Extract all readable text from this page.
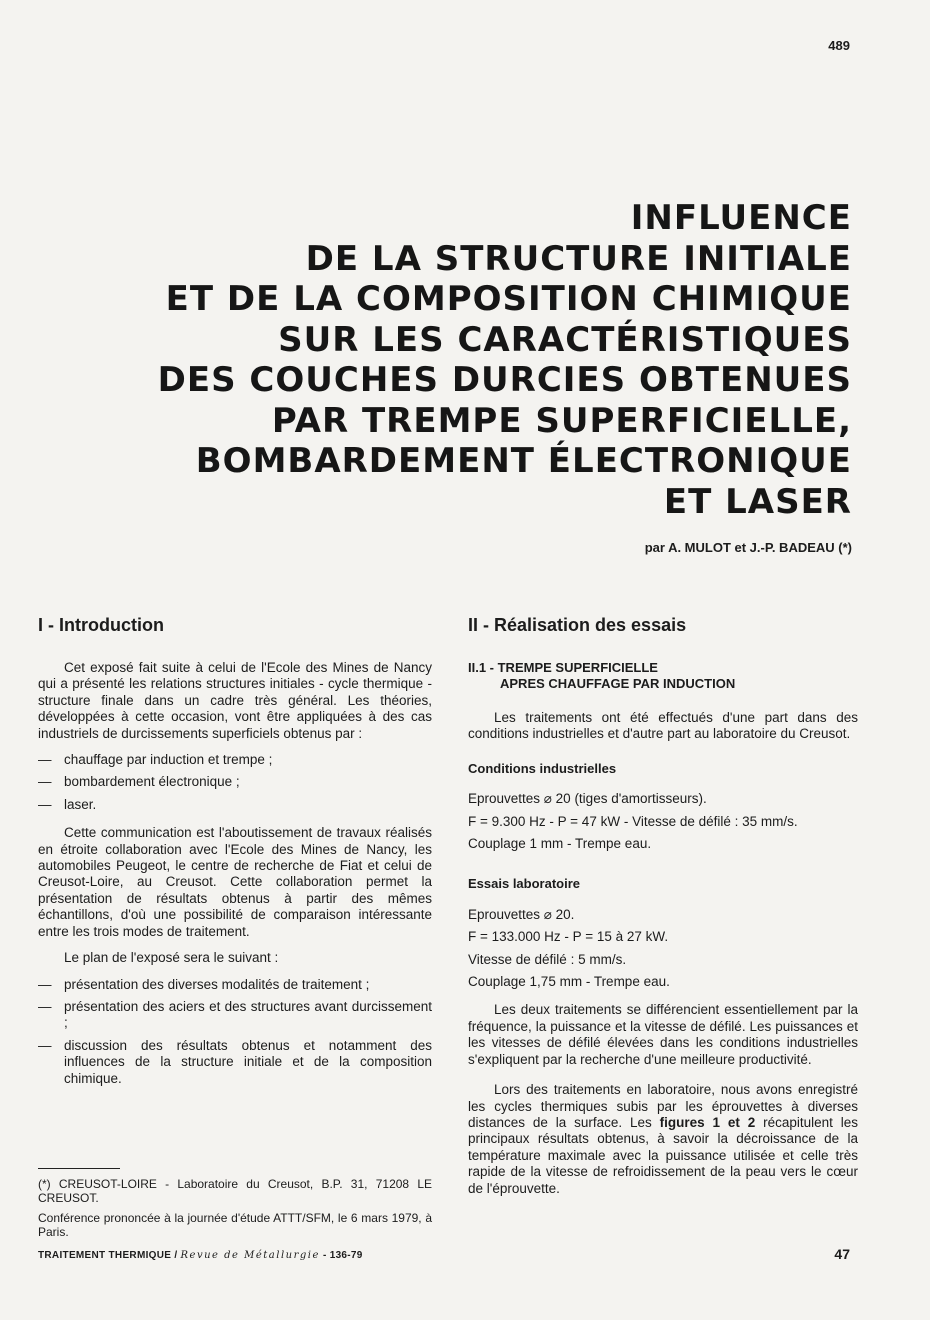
489
INFLUENCE
DE LA STRUCTURE INITIALE
ET DE LA COMPOSITION CHIMIQUE
SUR LES CARACTÉRISTIQUES
DES COUCHES DURCIES OBTENUES
PAR TREMPE SUPERFICIELLE,
BOMBARDEMENT ÉLECTRONIQUE
ET LASER
par A. MULOT et J.-P. BADEAU (*)
I - Introduction

Cet exposé fait suite à celui de l'Ecole des Mines de Nancy qui a présenté les relations structures initiales - cycle thermique - structure finale dans un cadre très général. Les théories, développées à cette occasion, vont être appliquées à des cas industriels de durcissements superficiels obtenus par :

— chauffage par induction et trempe ;
— bombardement électronique ;
— laser.

Cette communication est l'aboutissement de travaux réalisés en étroite collaboration avec l'Ecole des Mines de Nancy, les automobiles Peugeot, le centre de recherche de Fiat et celui de Creusot-Loire, au Creusot. Cette collaboration permet la présentation de résultats obtenus à partir des mêmes échantillons, d'où une possibilité de comparaison intéressante entre les trois modes de traitement.

Le plan de l'exposé sera le suivant :

— présentation des diverses modalités de traitement ;
— présentation des aciers et des structures avant durcissement ;
— discussion des résultats obtenus et notamment des influences de la structure initiale et de la composition chimique.

(*) CREUSOT-LOIRE - Laboratoire du Creusot, B.P. 31, 71208 LE CREUSOT.

Conférence prononcée à la journée d'étude ATTT/SFM, le 6 mars 1979, à Paris.

TRAITEMENT THERMIQUE / Revue de Métallurgie - 136-79	47
II - Réalisation des essais
II.1 - TREMPE SUPERFICIELLE
APRES CHAUFFAGE PAR INDUCTION

Les traitements ont été effectués d'une part dans des conditions industrielles et d'autre part au laboratoire du Creusot.

Conditions industrielles
Eprouvettes ⌀ 20 (tiges d'amortisseurs).
F = 9.300 Hz - P = 47 kW - Vitesse de défilé : 35 mm/s.
Couplage 1 mm - Trempe eau.
Essais laboratoire
Eprouvettes ⌀ 20.
F = 133.000 Hz - P = 15 à 27 kW.
Vitesse de défilé : 5 mm/s.
Couplage 1,75 mm - Trempe eau.

Les deux traitements se différencient essentiellement par la fréquence, la puissance et la vitesse de défilé. Les puissances et les vitesses de défilé élevées dans les conditions industrielles s'expliquent par la recherche d'une meilleure productivité.

Lors des traitements en laboratoire, nous avons enregistré les cycles thermiques subis par les éprouvettes à diverses distances de la surface. Les figures 1 et 2 récapitulent les principaux résultats obtenus, à savoir la décroissance de la température maximale avec la puissance utilisée et celle très rapide de la vitesse de refroidissement de la peau vers le cœur de l'éprouvette.
